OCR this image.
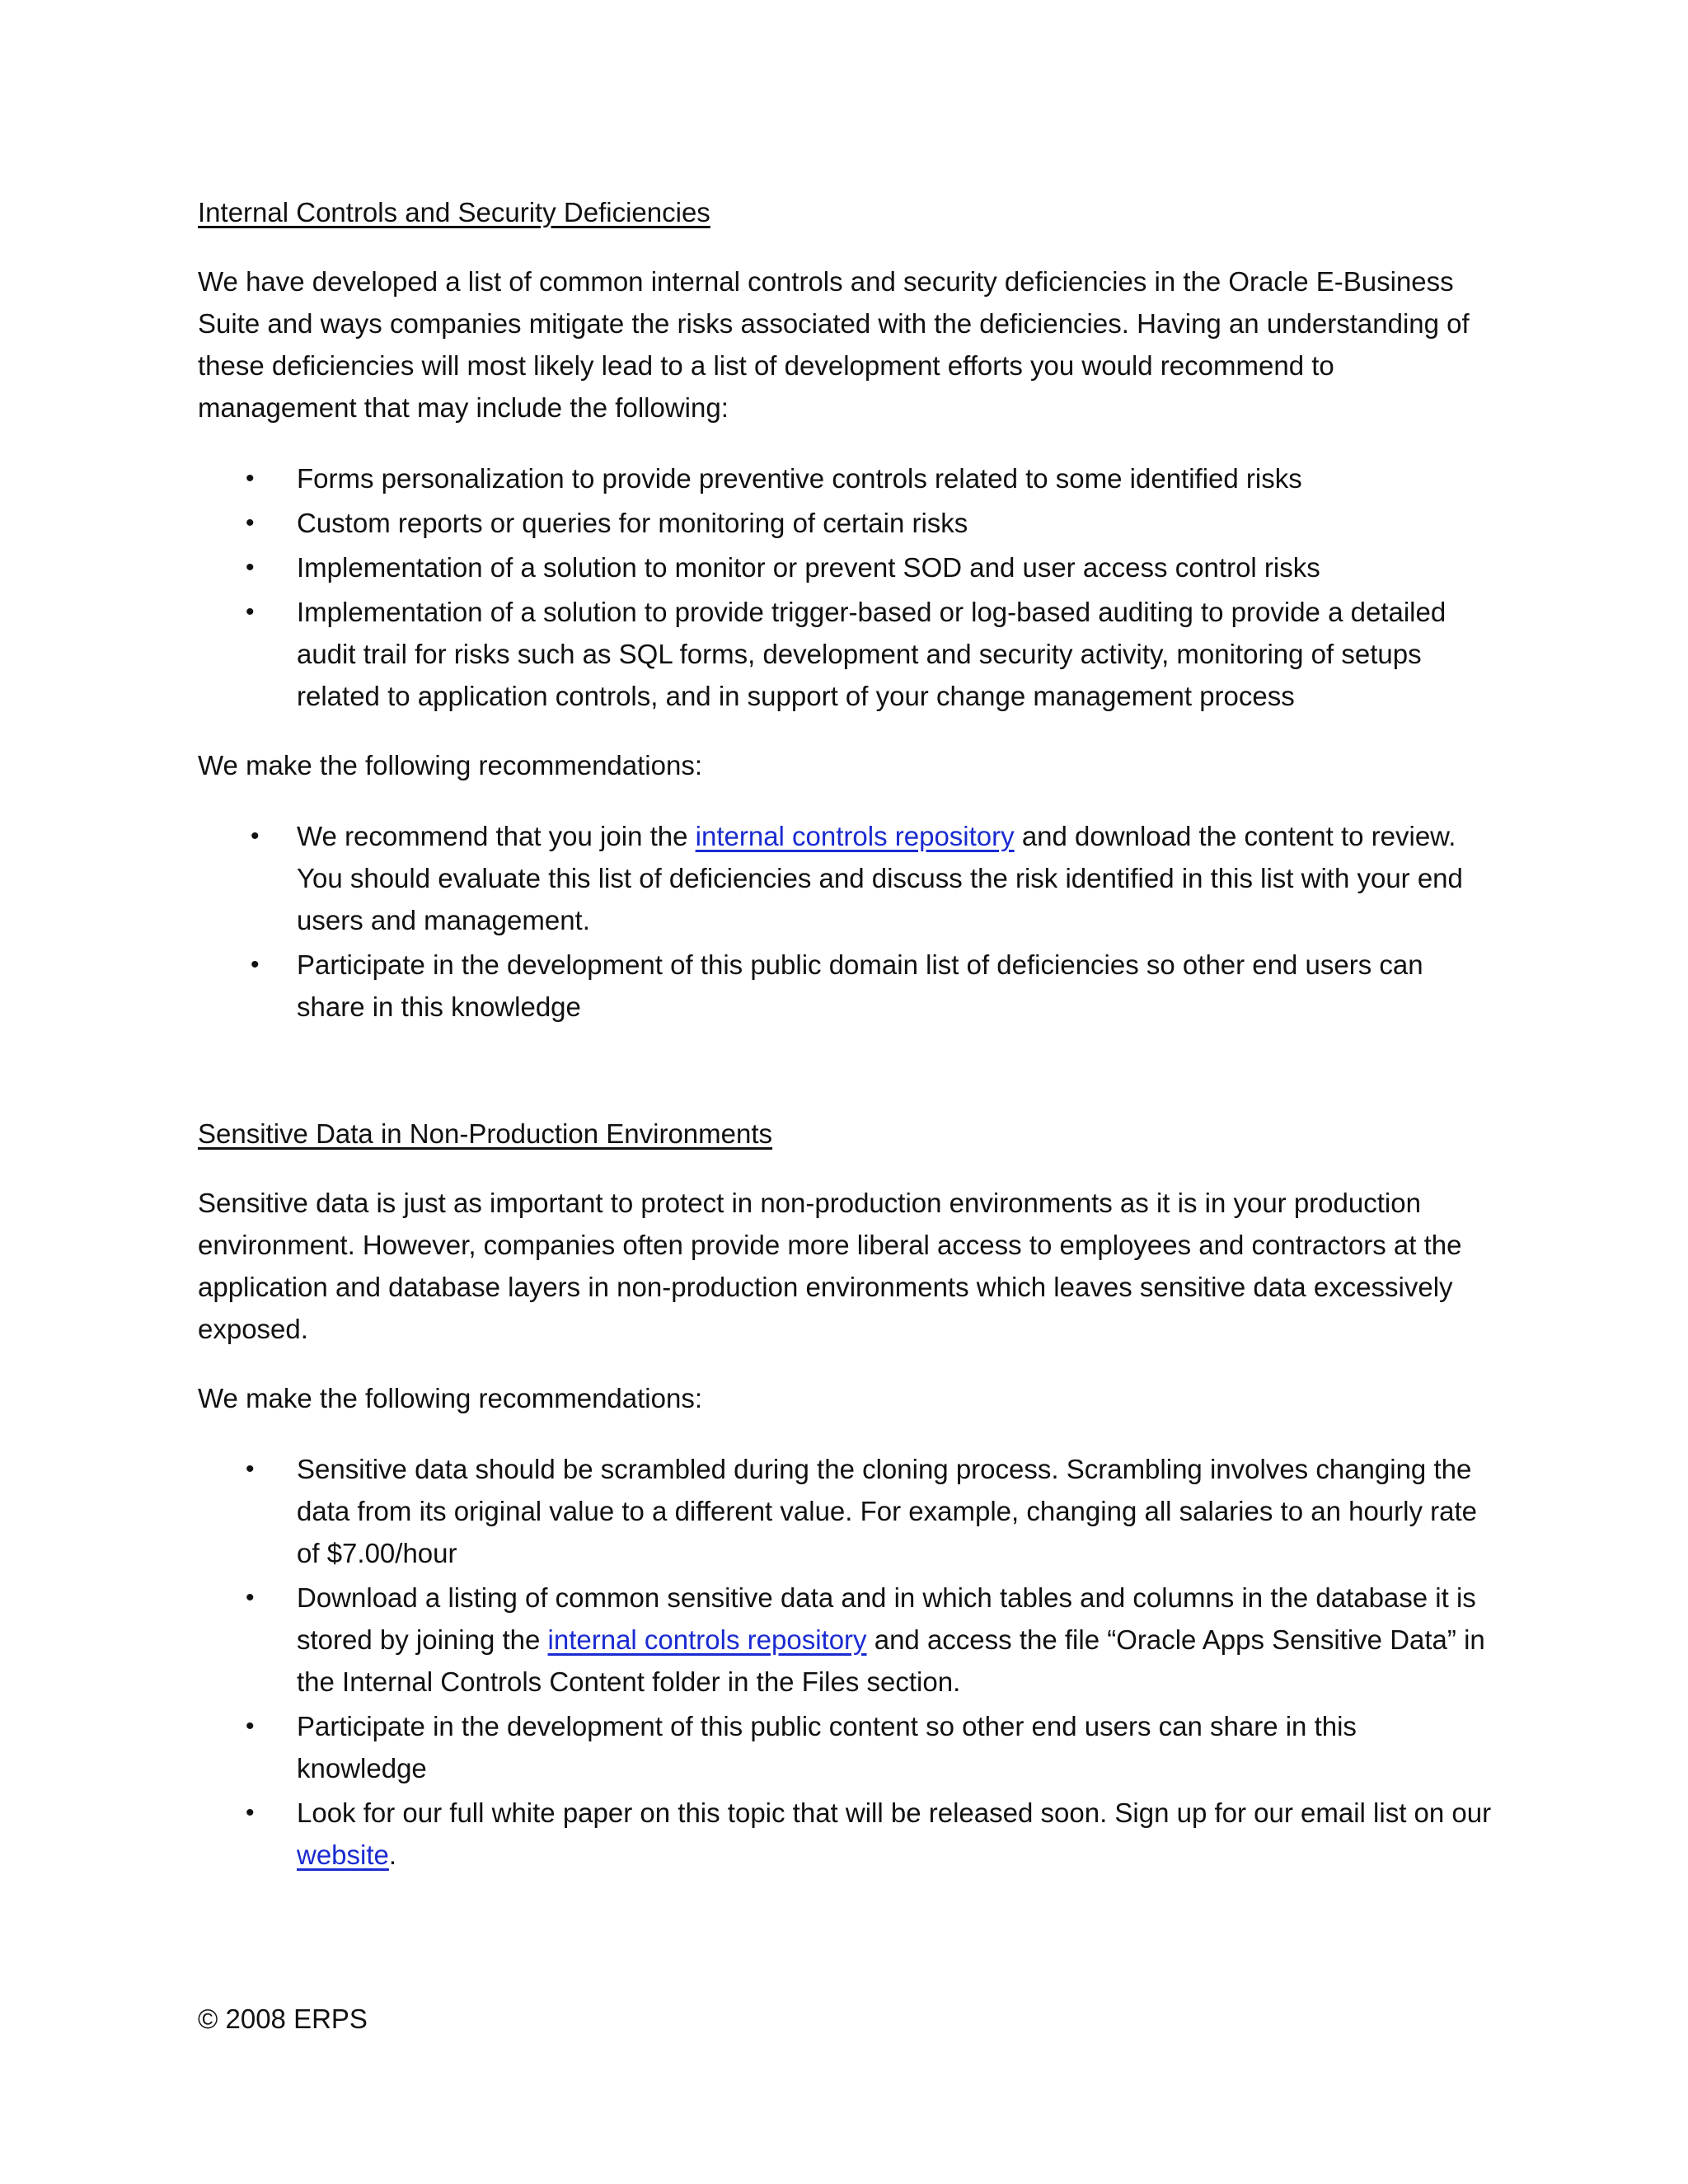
Internal Controls and Security Deficiencies

We have developed a list of common internal controls and security deficiencies in the Oracle E-Business Suite and ways companies mitigate the risks associated with the deficiencies. Having an understanding of these deficiencies will most likely lead to a list of development efforts you would recommend to management that may include the following:

• Forms personalization to provide preventive controls related to some identified risks
• Custom reports or queries for monitoring of certain risks
• Implementation of a solution to monitor or prevent SOD and user access control risks
• Implementation of a solution to provide trigger-based or log-based auditing to provide a detailed audit trail for risks such as SQL forms, development and security activity, monitoring of setups related to application controls, and in support of your change management process

We make the following recommendations:

• We recommend that you join the internal controls repository and download the content to review. You should evaluate this list of deficiencies and discuss the risk identified in this list with your end users and management.
• Participate in the development of this public domain list of deficiencies so other end users can share in this knowledge
Sensitive Data in Non-Production Environments

Sensitive data is just as important to protect in non-production environments as it is in your production environment. However, companies often provide more liberal access to employees and contractors at the application and database layers in non-production environments which leaves sensitive data excessively exposed.

We make the following recommendations:

• Sensitive data should be scrambled during the cloning process. Scrambling involves changing the data from its original value to a different value. For example, changing all salaries to an hourly rate of $7.00/hour
• Download a listing of common sensitive data and in which tables and columns in the database it is stored by joining the internal controls repository and access the file “Oracle Apps Sensitive Data” in the Internal Controls Content folder in the Files section.
• Participate in the development of this public content so other end users can share in this knowledge
• Look for our full white paper on this topic that will be released soon. Sign up for our email list on our website.
© 2008 ERPS
